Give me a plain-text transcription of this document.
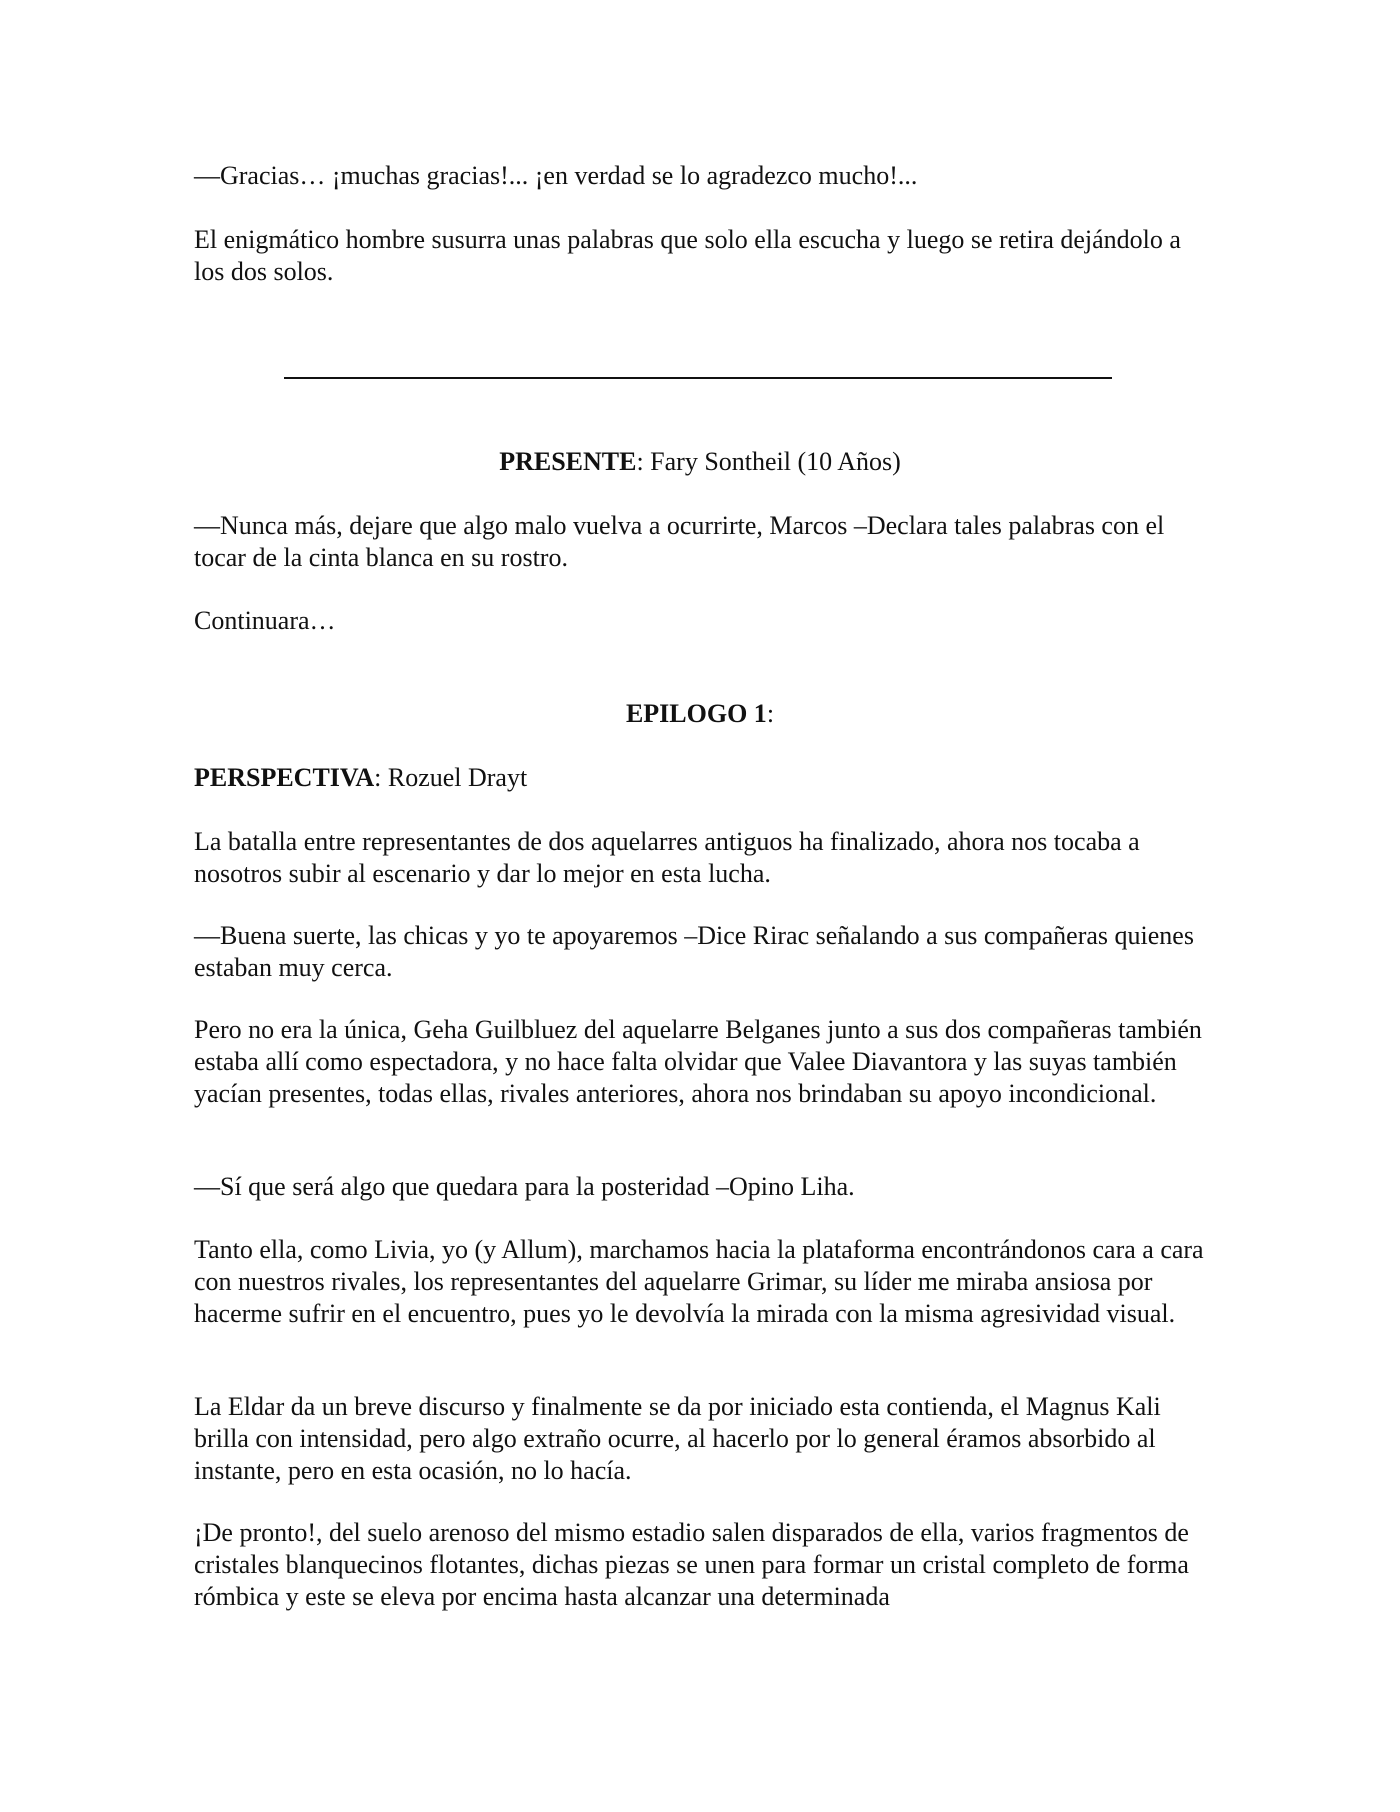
—Gracias… ¡muchas gracias!... ¡en verdad se lo agradezco mucho!...

El enigmático hombre susurra unas palabras que solo ella escucha y luego se retira dejándolo a los dos solos.

PRESENTE: Fary Sontheil (10 Años)

—Nunca más, dejare que algo malo vuelva a ocurrirte, Marcos –Declara tales palabras con el tocar de la cinta blanca en su rostro.

Continuara…

EPILOGO 1:

PERSPECTIVA: Rozuel Drayt

La batalla entre representantes de dos aquelarres antiguos ha finalizado, ahora nos tocaba a nosotros subir al escenario y dar lo mejor en esta lucha.

—Buena suerte, las chicas y yo te apoyaremos –Dice Rirac señalando a sus compañeras quienes estaban muy cerca.

Pero no era la única, Geha Guilbluez del aquelarre Belganes junto a sus dos compañeras también estaba allí como espectadora, y no hace falta olvidar que Valee Diavantora y las suyas también yacían presentes, todas ellas, rivales anteriores, ahora nos brindaban su apoyo incondicional.

—Sí que será algo que quedara para la posteridad –Opino Liha.

Tanto ella, como Livia, yo (y Allum), marchamos hacia la plataforma encontrándonos cara a cara con nuestros rivales, los representantes del aquelarre Grimar, su líder me miraba ansiosa por hacerme sufrir en el encuentro, pues yo le devolvía la mirada con la misma agresividad visual.

La Eldar da un breve discurso y finalmente se da por iniciado esta contienda, el Magnus Kali brilla con intensidad, pero algo extraño ocurre, al hacerlo por lo general éramos absorbido al instante, pero en esta ocasión, no lo hacía.

¡De pronto!, del suelo arenoso del mismo estadio salen disparados de ella, varios fragmentos de cristales blanquecinos flotantes, dichas piezas se unen para formar un cristal completo de forma rómbica y este se eleva por encima hasta alcanzar una determinada
